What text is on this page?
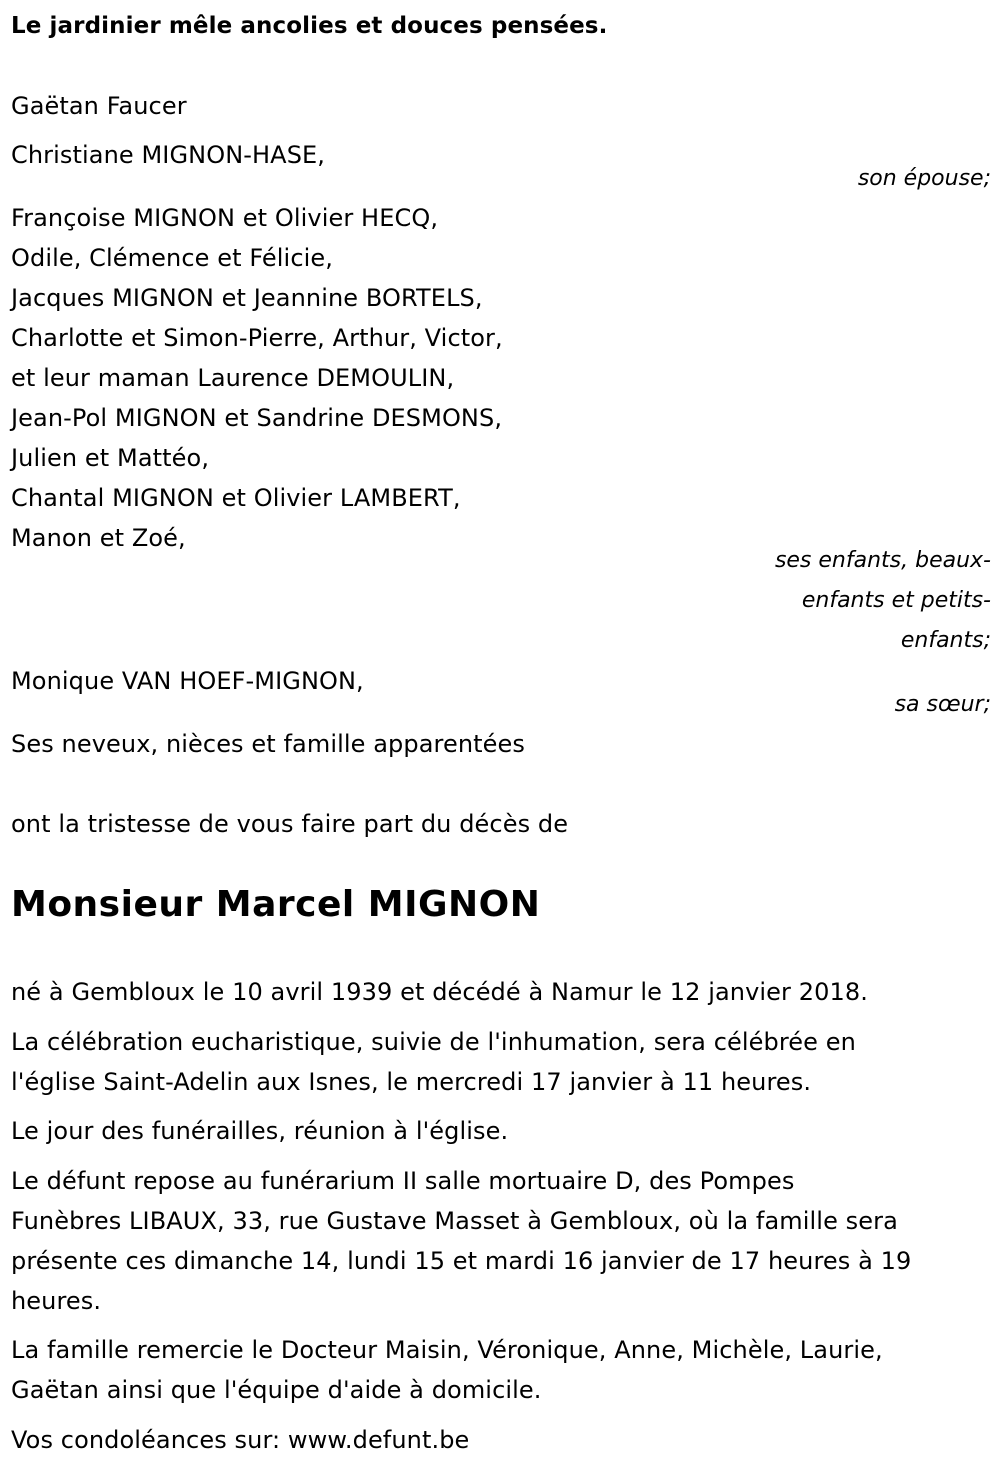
Le jardinier mêle ancolies et douces pensées.
Gaëtan Faucer
Christiane MIGNON-HASE,
son épouse;
Françoise MIGNON et Olivier HECQ,
Odile, Clémence et Félicie,
Jacques MIGNON et Jeannine BORTELS,
Charlotte et Simon-Pierre, Arthur, Victor,
et leur maman Laurence DEMOULIN,
Jean-Pol MIGNON et Sandrine DESMONS,
Julien et Mattéo,
Chantal MIGNON et Olivier LAMBERT,
Manon et Zoé,
ses enfants, beaux-
enfants et petits-
enfants;
Monique VAN HOEF-MIGNON,
sa sœur;
Ses neveux, nièces et famille apparentées
ont la tristesse de vous faire part du décès de
Monsieur Marcel MIGNON
né à Gembloux le 10 avril 1939 et décédé à Namur le 12 janvier 2018.
La célébration eucharistique, suivie de l'inhumation, sera célébrée en
l'église Saint-Adelin aux Isnes, le mercredi 17 janvier à 11 heures.
Le jour des funérailles, réunion à l'église.
Le défunt repose au funérarium II salle mortuaire D, des Pompes
Funèbres LIBAUX, 33, rue Gustave Masset à Gembloux, où la famille sera
présente ces dimanche 14, lundi 15 et mardi 16 janvier de 17 heures à 19
heures.
La famille remercie le Docteur Maisin, Véronique, Anne, Michèle, Laurie,
Gaëtan ainsi que l'équipe d'aide à domicile.
Vos condoléances sur: www.defunt.be
